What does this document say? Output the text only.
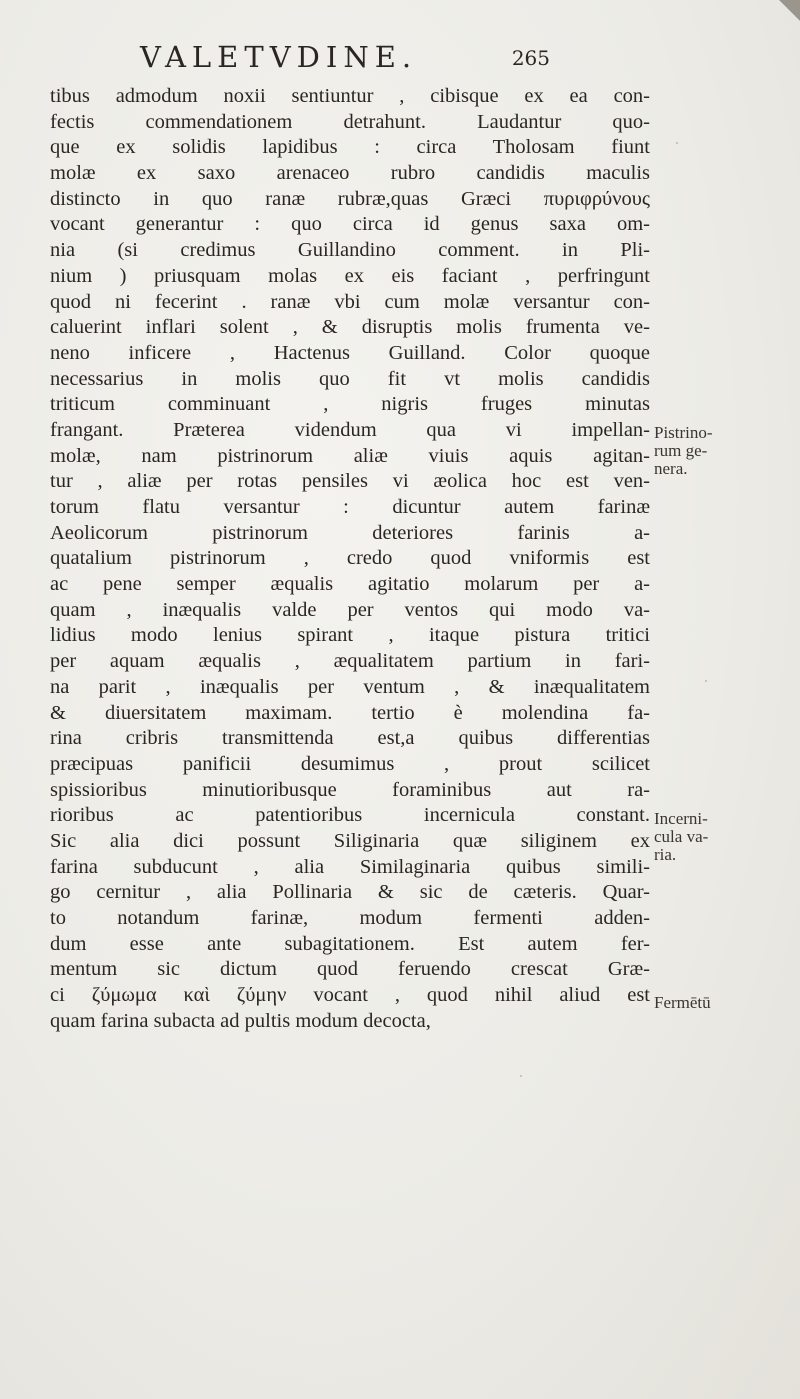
VALETVDINE.	265
tibus admodum noxii sentiuntur , cibisque ex ea con-
fectis commendationem detrahunt. Laudantur quo-
que ex solidis lapidibus : circa Tholosam fiunt
molæ ex saxo arenaceo rubro candidis maculis
distincto in quo ranæ rubræ,quas Græci πυριφρύνους
vocant generantur : quo circa id genus saxa om-
nia (si credimus Guillandino comment. in Pli-
nium ) priusquam molas ex eis faciant , perfringunt
quod ni fecerint . ranæ vbi cum molæ versantur con-
caluerint inflari solent , & disruptis molis frumenta ve-
neno inficere , Hactenus Guilland. Color quoque
necessarius in molis quo fit vt molis candidis
triticum comminuant , nigris fruges minutas
frangant. Præterea videndum qua vi impellan-
molæ, nam pistrinorum aliæ viuis aquis agitan-
tur , aliæ per rotas pensiles vi æolica hoc est ven-
torum flatu versantur : dicuntur autem farinæ
Aeolicorum pistrinorum deteriores farinis a-
quatalium pistrinorum , credo quod vniformis est
ac pene semper æqualis agitatio molarum per a-
quam , inæqualis valde per ventos qui modo va-
lidius modo lenius spirant , itaque pistura tritici
per aquam æqualis , æqualitatem partium in fari-
na parit , inæqualis per ventum , & inæqualitatem
& diuersitatem maximam. tertio è molendina fa-
rina cribris transmittenda est,a quibus differentias
præcipuas panificii desumimus , prout scilicet
spissioribus minutioribusque foraminibus aut ra-
rioribus ac patentioribus incernicula constant.
Sic alia dici possunt Siliginaria quæ siliginem ex
farina subducunt , alia Similaginaria quibus simili-
go cernitur , alia Pollinaria & sic de cæteris. Quar-
to notandum farinæ, modum fermenti adden-
dum esse ante subagitationem. Est autem fer-
mentum sic dictum quod feruendo crescat Græ-
ci ζύμωμα καὶ ζύμην vocant , quod nihil aliud est
quam farina subacta ad pultis modum decocta,
Pistrino-
rum ge-
nera.
Incerni-
cula va-
ria.
Fermētū
